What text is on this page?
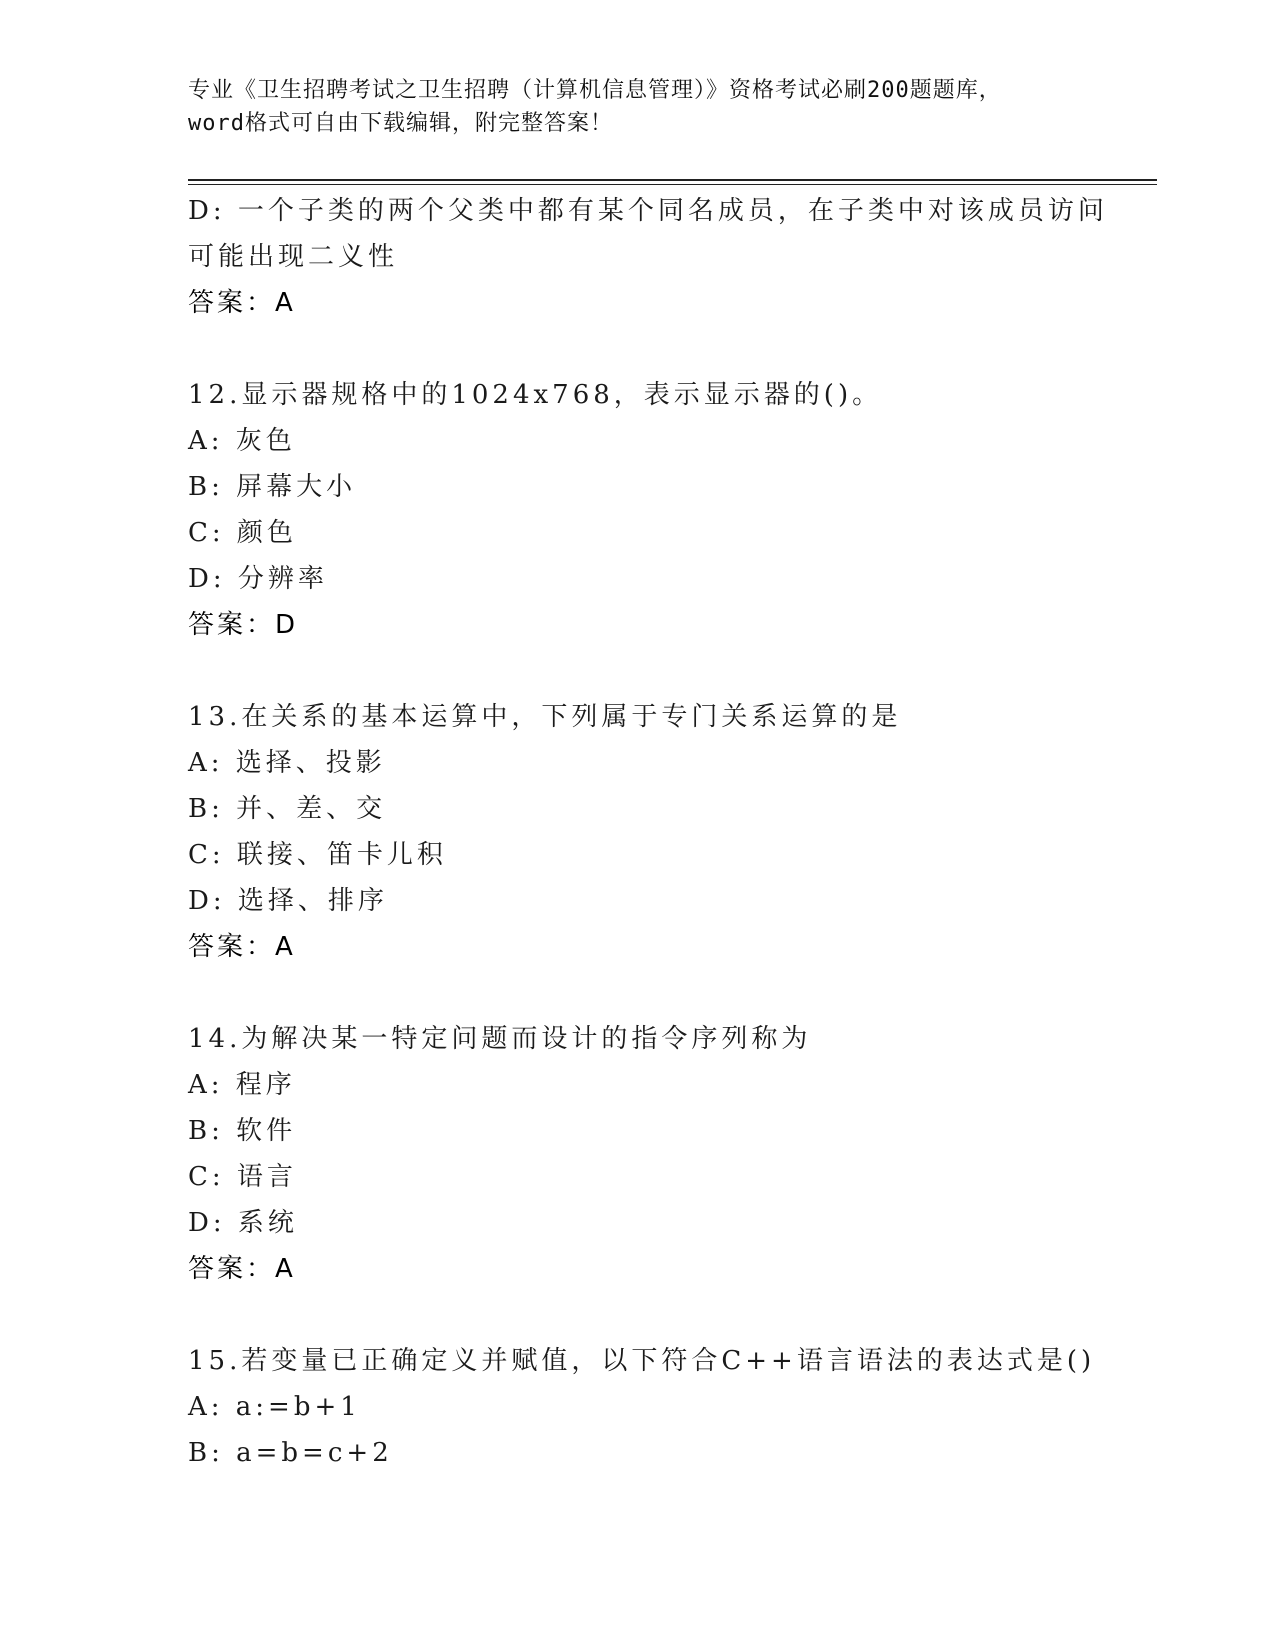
专业《卫生招聘考试之卫生招聘（计算机信息管理）》资格考试必刷200题题库，
word格式可自由下载编辑，附完整答案！
D: 一个子类的两个父类中都有某个同名成员，在子类中对该成员访问
可能出现二义性
答案：A
12.显示器规格中的1024x768，表示显示器的()。
A: 灰色
B: 屏幕大小
C: 颜色
D: 分辨率
答案：D
13.在关系的基本运算中，下列属于专门关系运算的是
A: 选择、投影
B: 并、差、交
C: 联接、笛卡儿积
D: 选择、排序
答案：A
14.为解决某一特定问题而设计的指令序列称为
A: 程序
B: 软件
C: 语言
D: 系统
答案：A
15.若变量已正确定义并赋值，以下符合C++语言语法的表达式是()
A: a:=b+1
B: a=b=c+2
